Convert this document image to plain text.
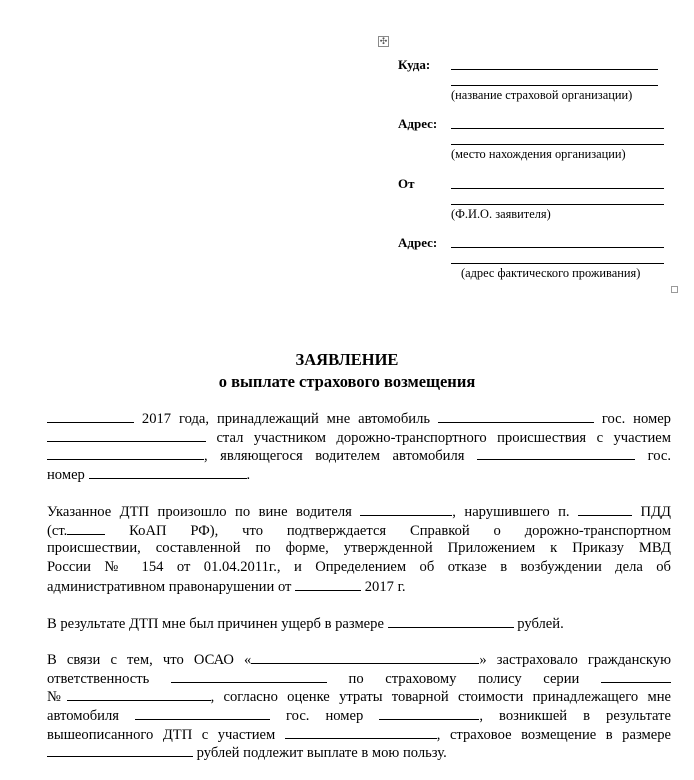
✣
Куда:
(название страховой организации)
Адрес:
(место нахождения организации)
От
(Ф.И.О. заявителя)
Адрес:
(адрес фактического проживания)
ЗАЯВЛЕНИЕ
о выплате страхового возмещения
2017 года, принадлежащий мне автомобиль	гос. номер
стал участником дорожно-транспортного происшествия с участием
, являющегося водителем автомобиля	гос.
номер	.
Указанное ДТП произошло по вине водителя	, нарушившего п.	ПДД
(ст.	КоАП РФ), что подтверждается Справкой о дорожно-транспортном
происшествии, составленной по форме, утвержденной Приложением к Приказу МВД
России № 154 от 01.04.2011г., и Определением об отказе в возбуждении дела об
административном правонарушении от	2017 г.
В результате ДТП мне был причинен ущерб в размере	рублей.
В связи с тем, что ОСАО «	» застраховало гражданскую
ответственность	по страховому полису серии
№	, согласно оценке утраты товарной стоимости принадлежащего мне
автомобиля	гос. номер	, возникшей в результате
вышеописанного ДТП с участием	, страховое возмещение в размере
рублей подлежит выплате в мою пользу.
